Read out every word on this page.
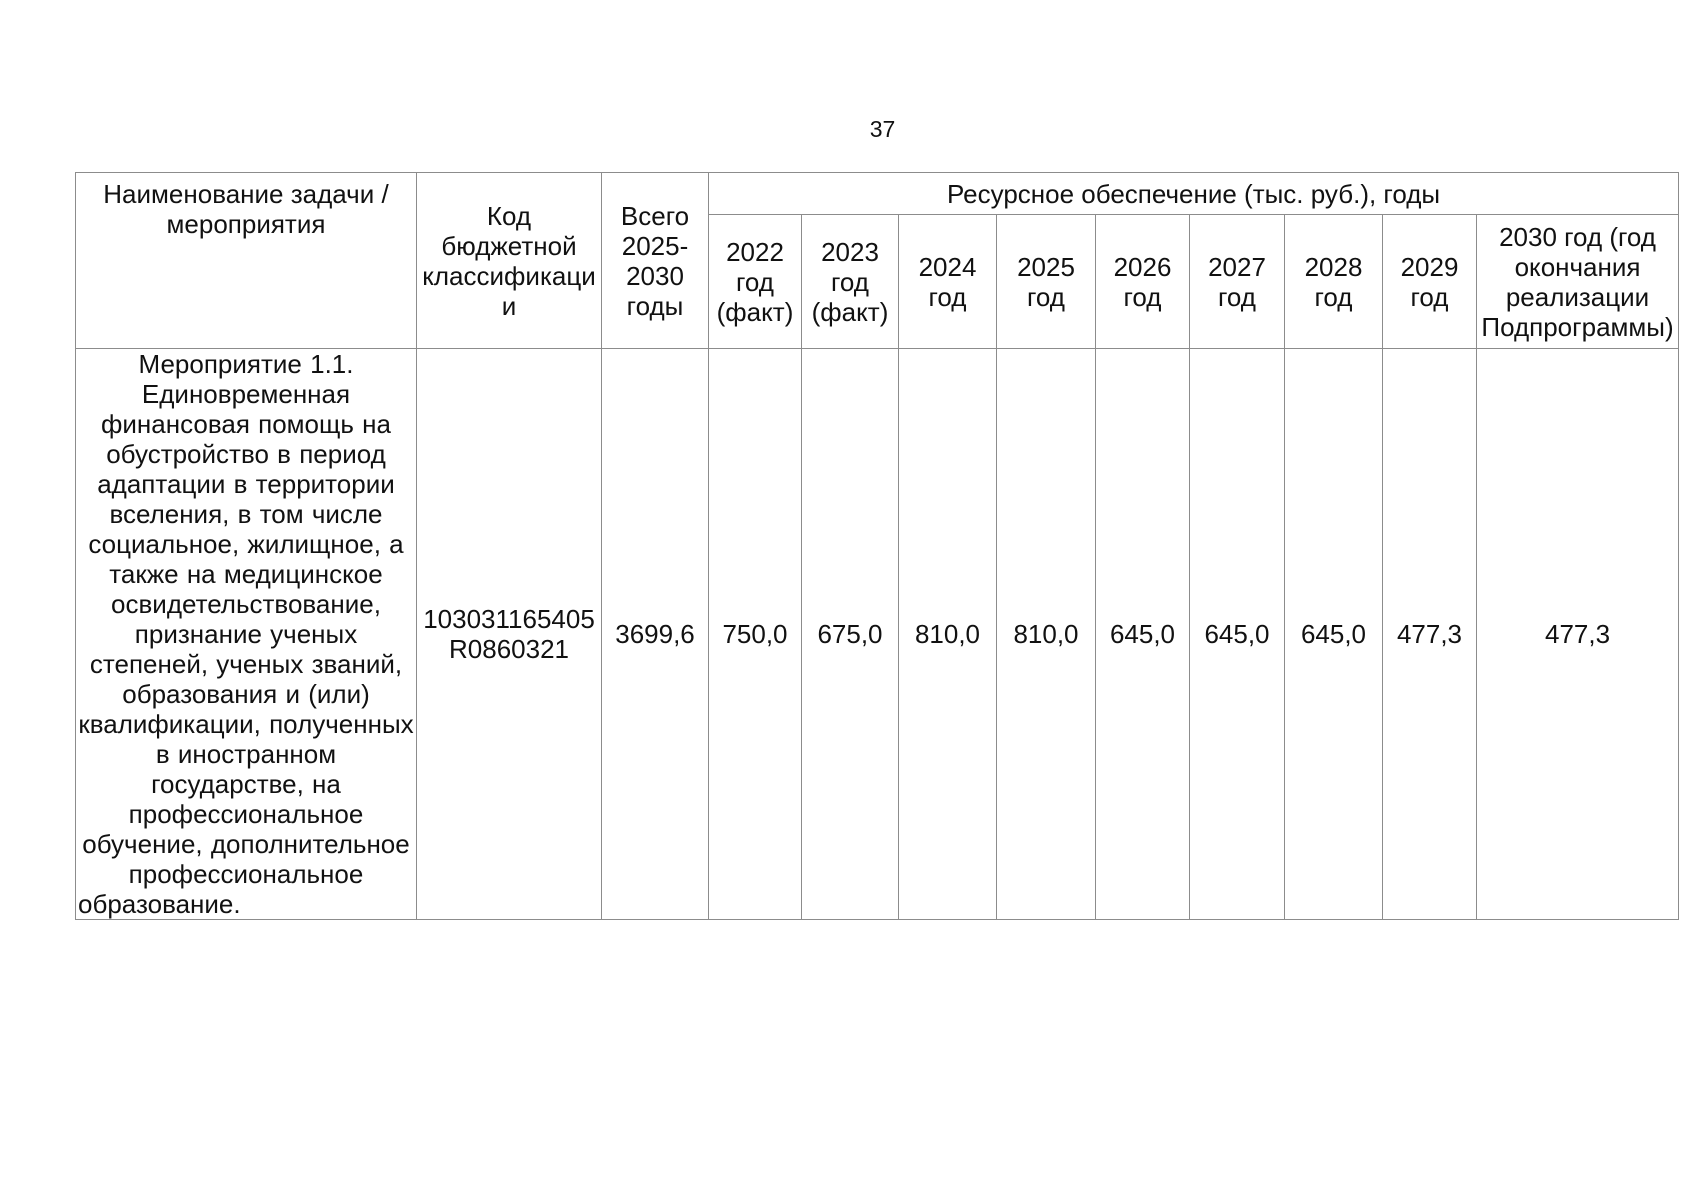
37
Наименование задачи / мероприятия	Код бюджетной классификаци и	Всего 2025-2030 годы	Ресурсное обеспечение (тыс. руб.), годы								
			2022 год (факт)	2023 год (факт)	2024 год	2025 год	2026 год	2027 год	2028 год	2029 год	2030 год (год окончания реализации Подпрограммы)
Мероприятие 1.1. Единовременная финансовая помощь на обустройство в период адаптации в территории вселения, в том числе социальное, жилищное, а также на медицинское освидетельствование, признание ученых степеней, ученых званий, образования и (или) квалификации, полученных в иностранном государстве, на профессиональное обучение, дополнительное профессиональное образование.	103031165405R0860321	3699,6	750,0	675,0	810,0	810,0	645,0	645,0	645,0	477,3	477,3
